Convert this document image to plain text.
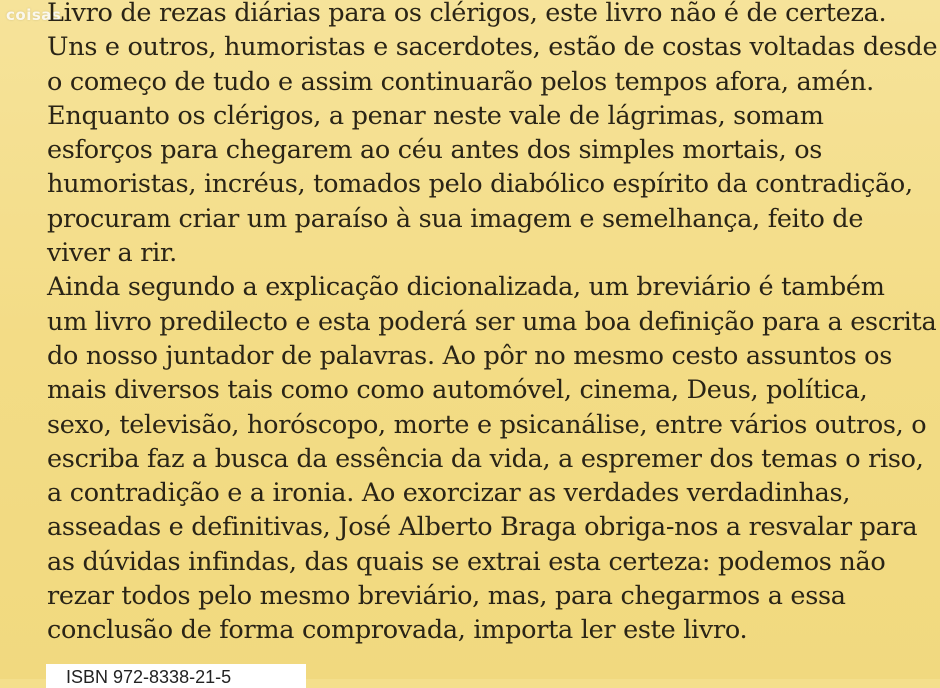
coisas
Livro de rezas diárias para os clérigos, este livro não é de certeza.
Uns e outros, humoristas e sacerdotes, estão de costas voltadas desde
o começo de tudo e assim continuarão pelos tempos afora, amén.
Enquanto os clérigos, a penar neste vale de lágrimas, somam
esforços para chegarem ao céu antes dos simples mortais, os
humoristas, incréus, tomados pelo diabólico espírito da contradição,
procuram criar um paraíso à sua imagem e semelhança, feito de
viver a rir.
Ainda segundo a explicação dicionalizada, um breviário é também
um livro predilecto e esta poderá ser uma boa definição para a escrita
do nosso juntador de palavras. Ao pôr no mesmo cesto assuntos os
mais diversos tais como como automóvel, cinema, Deus, política,
sexo, televisão, horóscopo, morte e psicanálise, entre vários outros, o
escriba faz a busca da essência da vida, a espremer dos temas o riso,
a contradição e a ironia. Ao exorcizar as verdades verdadinhas,
asseadas e definitivas, José Alberto Braga obriga-nos a resvalar para
as dúvidas infindas, das quais se extrai esta certeza: podemos não
rezar todos pelo mesmo breviário, mas, para chegarmos a essa
conclusão de forma comprovada, importa ler este livro.
ISBN 972-8338-21-5
